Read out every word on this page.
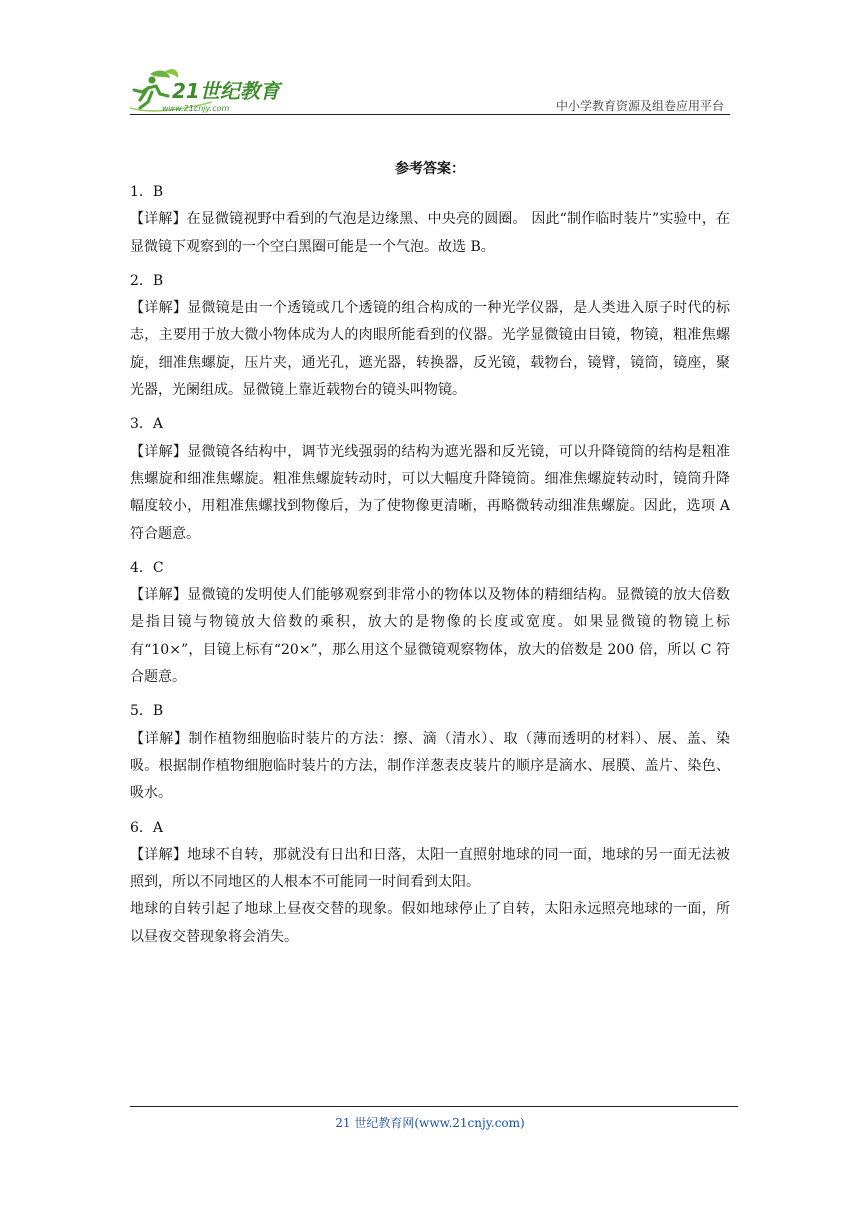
21世纪教育
www.21cnjy.com	中小学教育资源及组卷应用平台
参考答案：
1．B
【详解】在显微镜视野中看到的气泡是边缘黑、中央亮的圆圈。 因此“制作临时装片”实验中，在显微镜下观察到的一个空白黑圈可能是一个气泡。故选 B。
2．B
【详解】显微镜是由一个透镜或几个透镜的组合构成的一种光学仪器，是人类进入原子时代的标志，主要用于放大微小物体成为人的肉眼所能看到的仪器。光学显微镜由目镜，物镜，粗准焦螺旋，细准焦螺旋，压片夹，通光孔，遮光器，转换器，反光镜，载物台，镜臂，镜筒，镜座，聚光器，光阑组成。显微镜上靠近载物台的镜头叫物镜。
3．A
【详解】显微镜各结构中，调节光线强弱的结构为遮光器和反光镜，可以升降镜筒的结构是粗准焦螺旋和细准焦螺旋。粗准焦螺旋转动时，可以大幅度升降镜筒。细准焦螺旋转动时，镜筒升降幅度较小，用粗准焦螺找到物像后，为了使物像更清晰，再略微转动细准焦螺旋。因此，选项 A 符合题意。
4．C
【详解】显微镜的发明使人们能够观察到非常小的物体以及物体的精细结构。显微镜的放大倍数是指目镜与物镜放大倍数的乘积，放大的是物像的长度或宽度。如果显微镜的物镜上标有“10×”，目镜上标有“20×”，那么用这个显微镜观察物体，放大的倍数是 200 倍，所以 C 符合题意。
5．B
【详解】制作植物细胞临时装片的方法：擦、滴（清水）、取（薄而透明的材料）、展、盖、染吸。根据制作植物细胞临时装片的方法，制作洋葱表皮装片的顺序是滴水、展膜、盖片、染色、吸水。
6．A
【详解】地球不自转，那就没有日出和日落，太阳一直照射地球的同一面，地球的另一面无法被照到，所以不同地区的人根本不可能同一时间看到太阳。
地球的自转引起了地球上昼夜交替的现象。假如地球停止了自转，太阳永远照亮地球的一面，所以昼夜交替现象将会消失。
21 世纪教育网(www.21cnjy.com)
